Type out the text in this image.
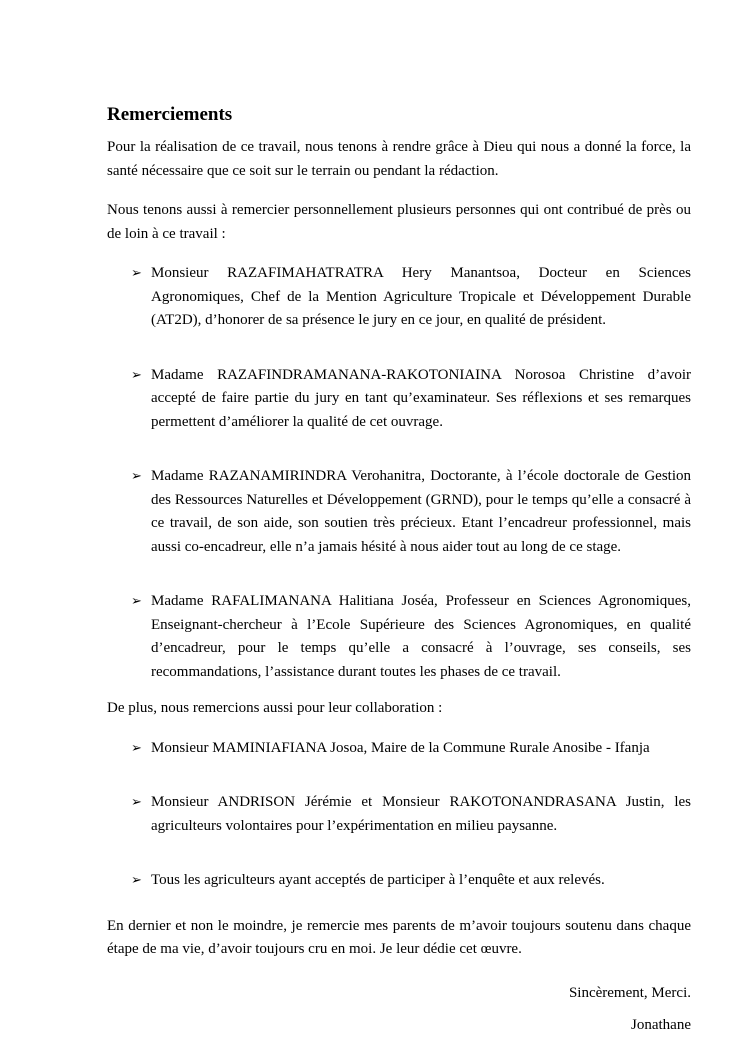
Remerciements

Pour la réalisation de ce travail, nous tenons à rendre grâce à Dieu qui nous a donné la force, la santé nécessaire que ce soit sur le terrain ou pendant la rédaction.

Nous tenons aussi à remercier personnellement plusieurs personnes qui ont contribué de près ou de loin à ce travail :

➢ Monsieur RAZAFIMAHATRATRA Hery Manantsoa, Docteur en Sciences Agronomiques, Chef de la Mention Agriculture Tropicale et Développement Durable (AT2D), d’honorer de sa présence le jury en ce jour, en qualité de président.
➢ Madame RAZAFINDRAMANANA-RAKOTONIAINA Norosoa Christine d’avoir accepté de faire partie du jury en tant qu’examinateur. Ses réflexions et ses remarques permettent d’améliorer la qualité de cet ouvrage.
➢ Madame RAZANAMIRINDRA Verohanitra, Doctorante, à l’école doctorale de Gestion des Ressources Naturelles et Développement (GRND), pour le temps qu’elle a consacré à ce travail, de son aide, son soutien très précieux. Etant l’encadreur professionnel, mais aussi co-encadreur, elle n’a jamais hésité à nous aider tout au long de ce stage.
➢ Madame RAFALIMANANA Halitiana Joséa, Professeur en Sciences Agronomiques, Enseignant-chercheur à l’Ecole Supérieure des Sciences Agronomiques, en qualité d’encadreur, pour le temps qu’elle a consacré à l’ouvrage, ses conseils, ses recommandations, l’assistance durant toutes les phases de ce travail.

De plus, nous remercions aussi pour leur collaboration :

➢ Monsieur MAMINIAFIANA Josoa, Maire de la Commune Rurale Anosibe - Ifanja
➢ Monsieur ANDRISON Jérémie et Monsieur RAKOTONANDRASANA Justin, les agriculteurs volontaires pour l’expérimentation en milieu paysanne.
➢ Tous les agriculteurs ayant acceptés de participer à l’enquête et aux relevés.

En dernier et non le moindre, je remercie mes parents de m’avoir toujours soutenu dans chaque étape de ma vie, d’avoir toujours cru en moi. Je leur dédie cet œuvre.

Sincèrement, Merci.

Jonathane
